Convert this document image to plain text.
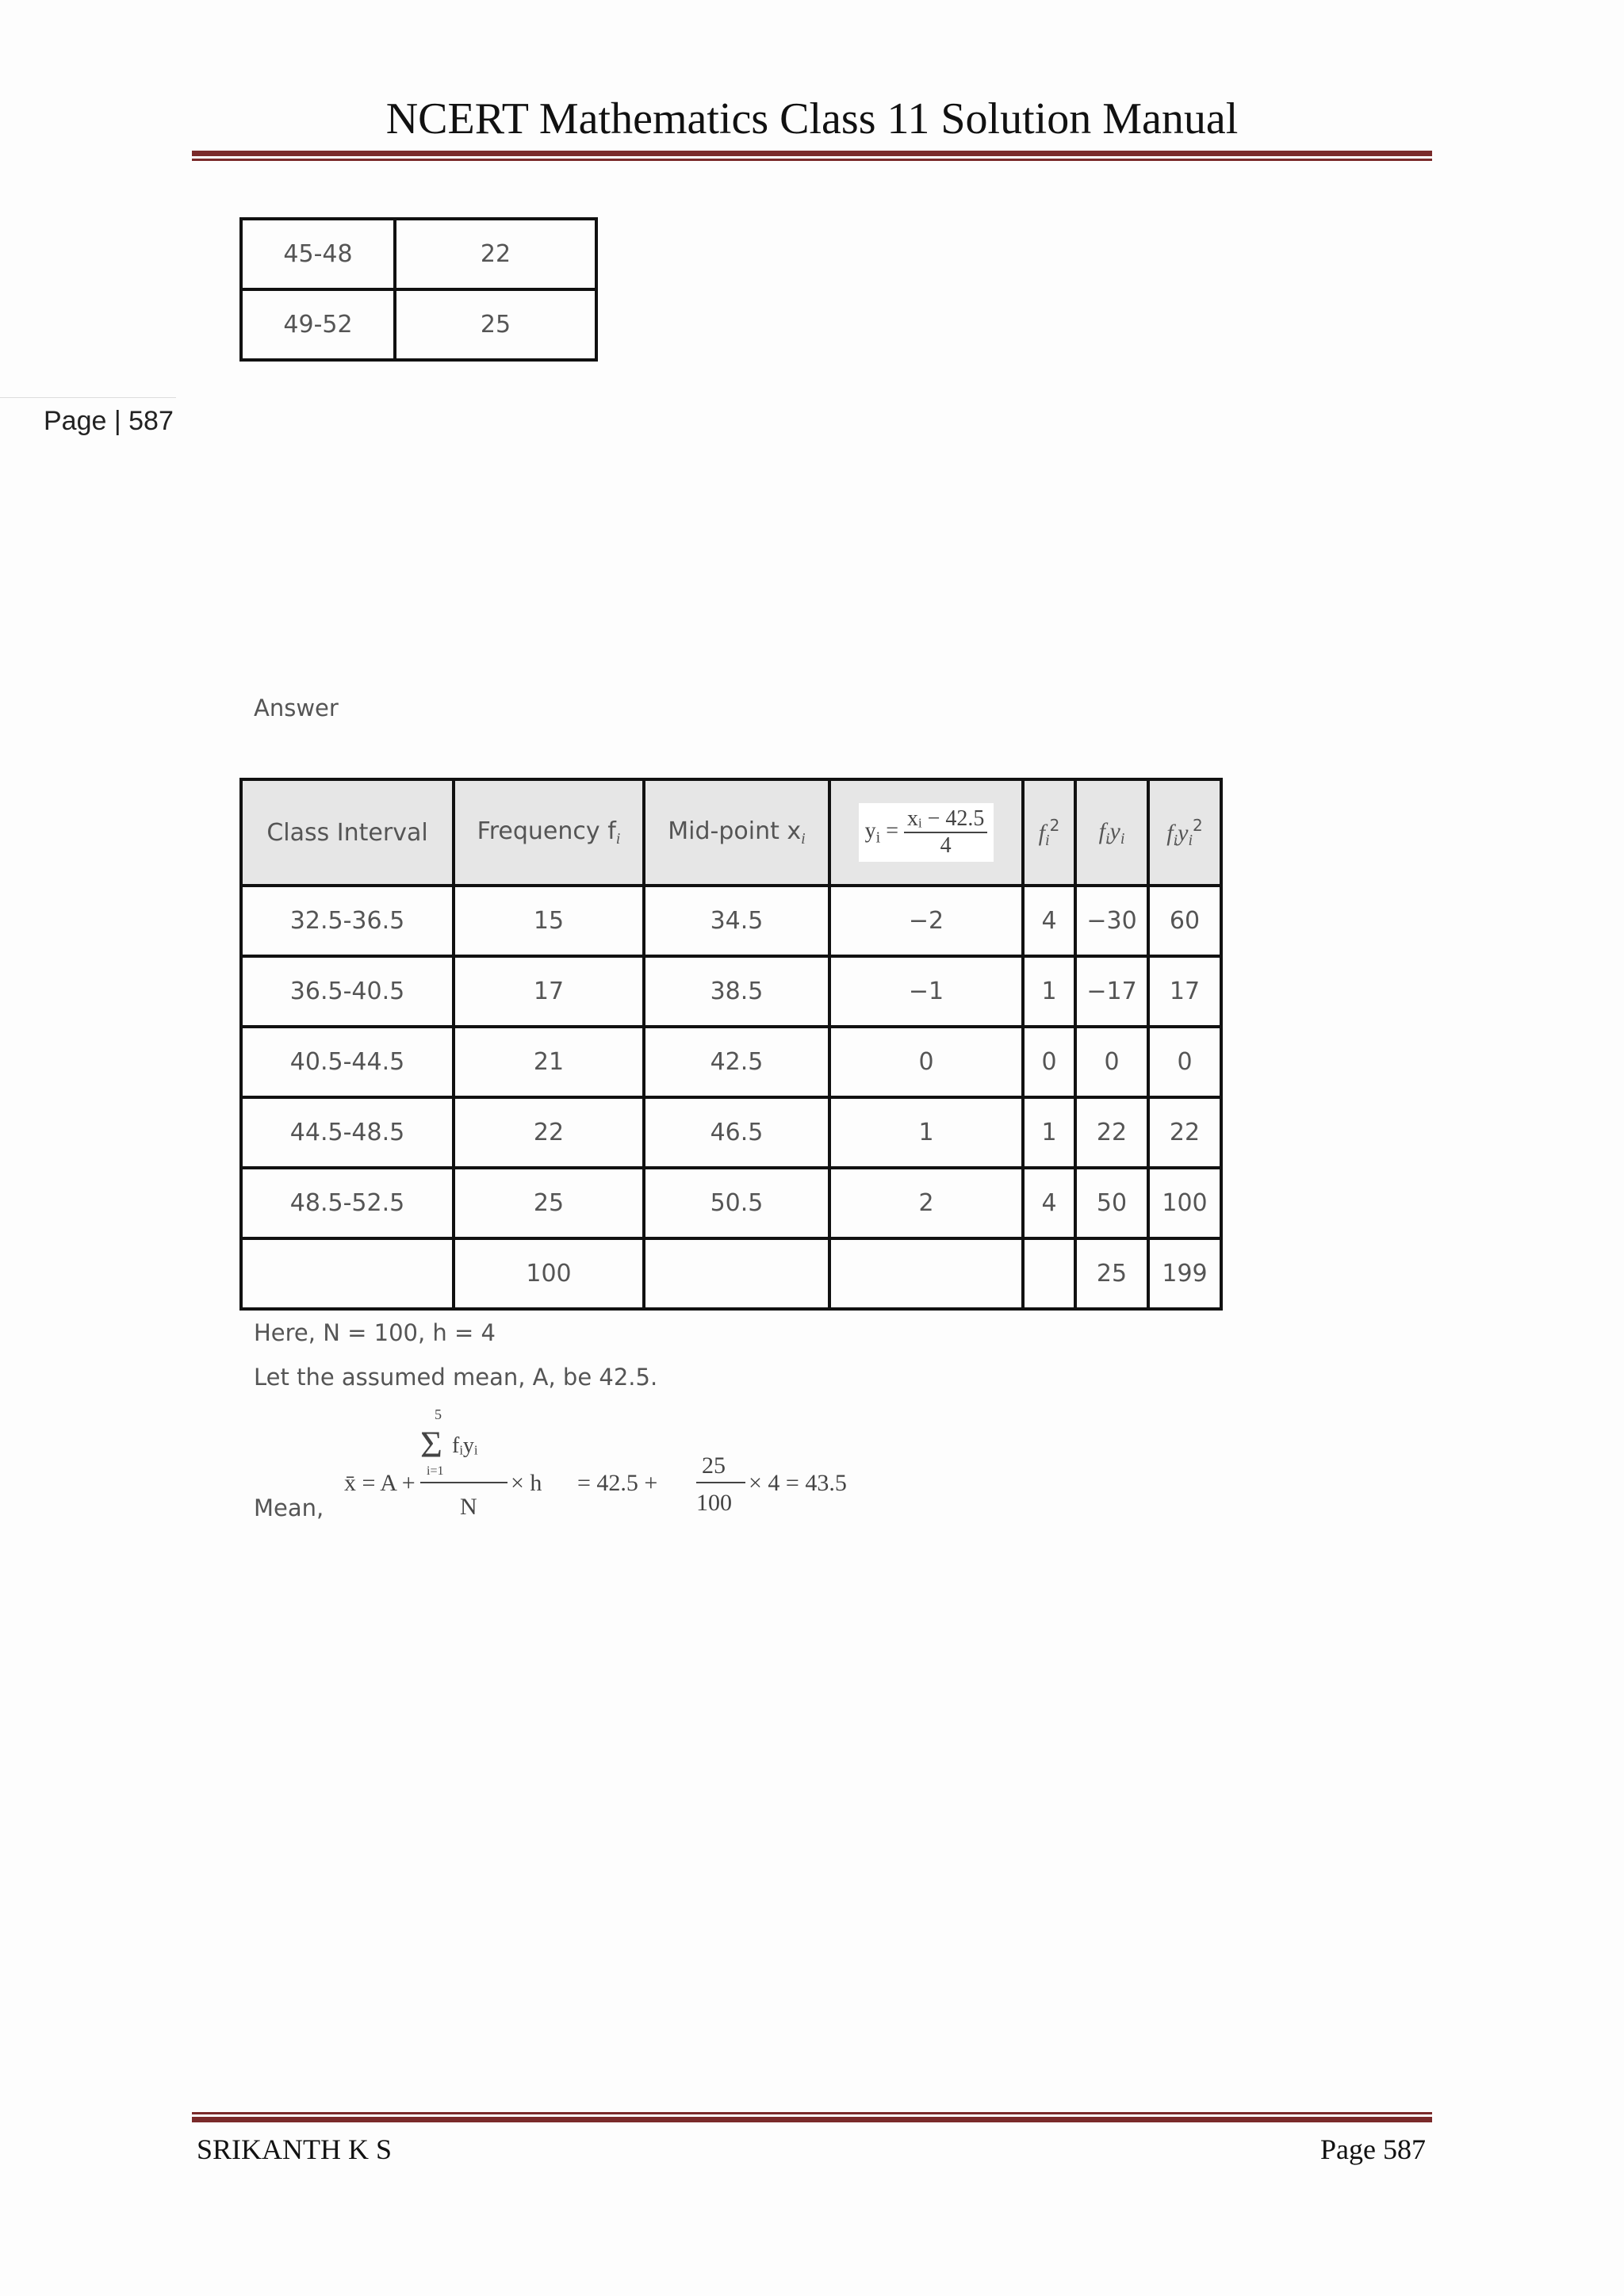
NCERT Mathematics Class 11 Solution Manual
Page | 587
45-48	22
49-52	25
Answer
Class Interval	Frequency $f_i$	Mid-point $x_i$	$y_i = \frac{\text{xᵢ − 42.5}}{4}$	$f_i^2$	$f_iy_i$	$f_iy_i^2$
32.5-36.5	15	34.5	−2	4	−30	60
36.5-40.5	17	38.5	−1	1	−17	17
40.5-44.5	21	42.5	0	0	0	0
44.5-48.5	22	46.5	1	1	22	22
48.5-52.5	25	50.5	2	4	50	100
	100				25	199
Here, N = 100, h = 4
Let the assumed mean, A, be 42.5.
Mean,
5
Σ fᵢyᵢ
i=1
x̄ = A +
N
× h = 42.5 +
25
100
× 4 = 43.5
SRIKANTH K S	Page 587
